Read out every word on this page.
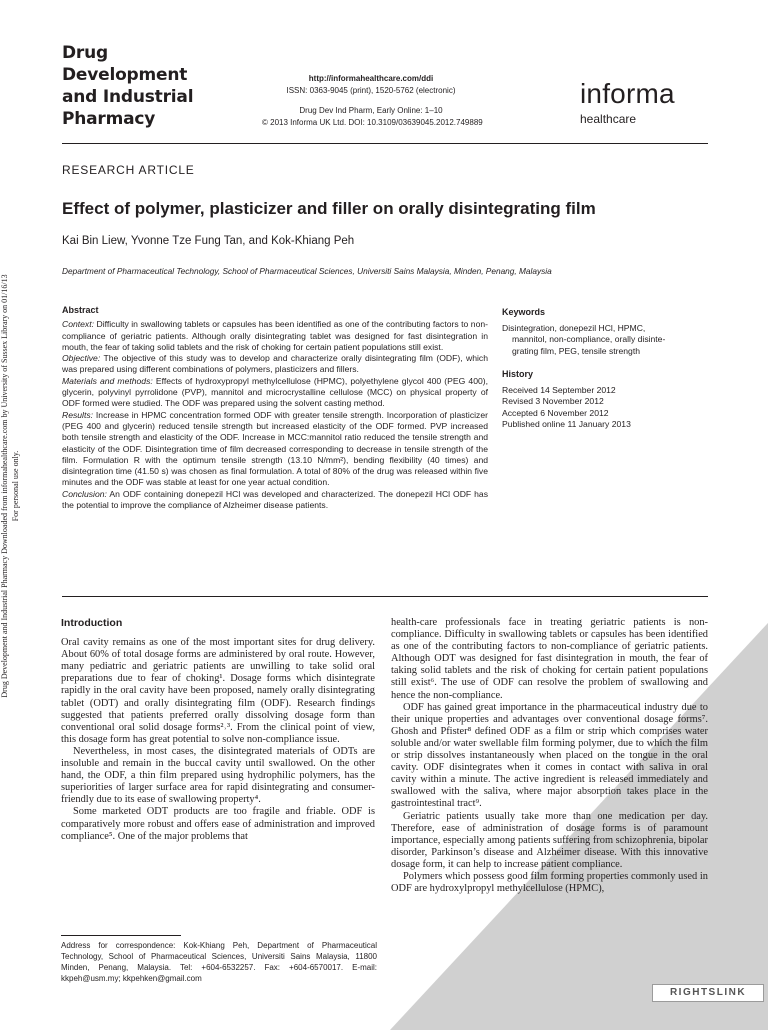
Drug
Development
and Industrial
Pharmacy
http://informahealthcare.com/ddi
ISSN: 0363-9045 (print), 1520-5762 (electronic)
Drug Dev Ind Pharm, Early Online: 1–10
© 2013 Informa UK Ltd. DOI: 10.3109/03639045.2012.749889
informa
healthcare
RESEARCH ARTICLE
Effect of polymer, plasticizer and filler on orally disintegrating film
Kai Bin Liew, Yvonne Tze Fung Tan, and Kok-Khiang Peh
Department of Pharmaceutical Technology, School of Pharmaceutical Sciences, Universiti Sains Malaysia, Minden, Penang, Malaysia
Abstract

Context: Difficulty in swallowing tablets or capsules has been identified as one of the contributing factors to non-compliance of geriatric patients. Although orally disintegrating tablet was designed for fast disintegration in mouth, the fear of taking solid tablets and the risk of choking for certain patient populations still exist.

Objective: The objective of this study was to develop and characterize orally disintegrating film (ODF), which was prepared using different combinations of polymers, plasticizers and fillers.

Materials and methods: Effects of hydroxypropyl methylcellulose (HPMC), polyethylene glycol 400 (PEG 400), glycerin, polyvinyl pyrrolidone (PVP), mannitol and microcrystalline cellulose (MCC) on physical property of ODF formed were studied. The ODF was prepared using the solvent casting method.

Results: Increase in HPMC concentration formed ODF with greater tensile strength. Incorporation of plasticizer (PEG 400 and glycerin) reduced tensile strength but increased elasticity of the ODF formed. PVP increased both tensile strength and elasticity of the ODF. Increase in MCC:mannitol ratio reduced the tensile strength and elasticity of the ODF. Disintegration time of film decreased corresponding to decrease in tensile strength of the film. Formulation R with the optimum tensile strength (13.10 N/mm²), bending flexibility (40 times) and disintegration time (41.50 s) was chosen as final formulation. A total of 80% of the drug was released within five minutes and the ODF was stable at least for one year actual condition.

Conclusion: An ODF containing donepezil HCl was developed and characterized. The donepezil HCl ODF has the potential to improve the compliance of Alzheimer disease patients.

Keywords
Disintegration, donepezil HCl, HPMC,
mannitol, non-compliance, orally disinte-
grating film, PEG, tensile strength
History
Received 14 September 2012
Revised 3 November 2012
Accepted 6 November 2012
Published online 11 January 2013
Introduction

Oral cavity remains as one of the most important sites for drug delivery. About 60% of total dosage forms are administered by oral route. However, many pediatric and geriatric patients are unwilling to take solid oral preparations due to fear of choking¹. Dosage forms which disintegrate rapidly in the oral cavity have been proposed, namely orally disintegrating tablet (ODT) and orally disintegrating film (ODF). Research findings suggested that patients preferred orally dissolving dosage form than conventional oral solid dosage forms²˒³. From the clinical point of view, this dosage form has great potential to solve non-compliance issue.

Nevertheless, in most cases, the disintegrated materials of ODTs are insoluble and remain in the buccal cavity until swallowed. On the other hand, the ODF, a thin film prepared using hydrophilic polymers, has the superiorities of larger surface area for rapid disintegrating and consumer-friendly due to its ease of swallowing property⁴.

Some marketed ODT products are too fragile and friable. ODF is comparatively more robust and offers ease of administration and improved compliance⁵. One of the major problems that

health-care professionals face in treating geriatric patients is non-compliance. Difficulty in swallowing tablets or capsules has been identified as one of the contributing factors to non-compliance of geriatric patients. Although ODT was designed for fast disintegration in mouth, the fear of taking solid tablets and the risk of choking for certain patient populations still exist⁶. The use of ODF can resolve the problem of swallowing and hence the non-compliance.

ODF has gained great importance in the pharmaceutical industry due to their unique properties and advantages over conventional dosage forms⁷. Ghosh and Pfister⁸ defined ODF as a film or strip which comprises water soluble and/or water swellable film forming polymer, due to which the film or strip dissolves instantaneously when placed on the tongue in the oral cavity. ODF disintegrates when it comes in contact with saliva in oral cavity within a minute. The active ingredient is released immediately and swallowed with the saliva, where major absorption takes place in the gastrointestinal tract⁹.

Geriatric patients usually take more than one medication per day. Therefore, ease of administration of dosage forms is of paramount importance, especially among patients suffering from schizophrenia, bipolar disorder, Parkinson’s disease and Alzheimer disease. With this innovative dosage form, it can help to increase patient compliance.

Polymers which possess good film forming properties commonly used in ODF are hydroxylpropyl methylcellulose (HPMC),

Address for correspondence: Kok-Khiang Peh, Department of Pharmaceutical Technology, School of Pharmaceutical Sciences, Universiti Sains Malaysia, 11800 Minden, Penang, Malaysia. Tel: +604-6532257. Fax: +604-6570017. E-mail: kkpeh@usm.my; kkpehken@gmail.com
Drug Development and Industrial Pharmacy Downloaded from informahealthcare.com by University of Sussex Library on 01/16/13 For personal use only.
RIGHTSLINK
